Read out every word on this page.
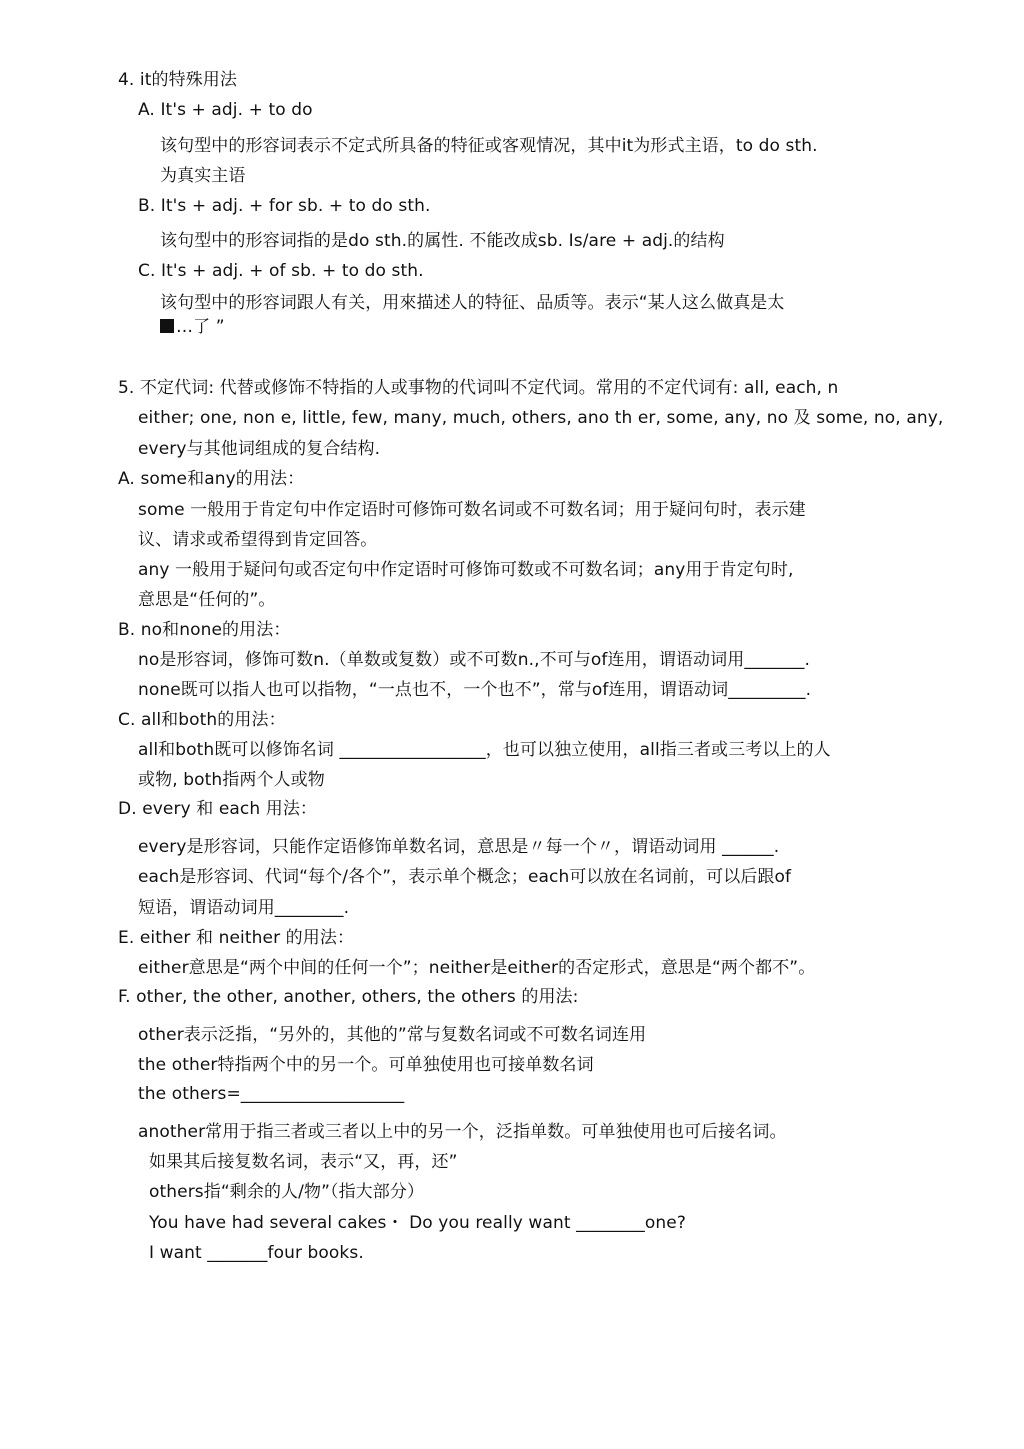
4. it的特殊用法
A. It's + adj. + to do
该句型中的形容词表示不定式所具备的特征或客观情况，其中it为形式主语，to do sth.
为真实主语
B. It's + adj. + for sb. + to do sth.
该句型中的形容词指的是do sth.的属性. 不能改成sb. Is/are + adj.的结构
C. It's + adj. + of sb. + to do sth.
该句型中的形容词跟人有关，用來描述人的特征、品质等。表示“某人这么做真是太
…了 ”
5. 不定代词: 代替或修饰不特指的人或事物的代词叫不定代词。常用的不定代词有: all, each, n
either; one, non e, little, few, many, much, others, ano th er, some, any, no 及 some, no, any,
every与其他词组成的复合结构.
A. some和any的用法：
some 一般用于肯定句中作定语时可修饰可数名词或不可数名词；用于疑问句时，表示建
议、请求或希望得到肯定回答。
any 一般用于疑问句或否定句中作定语时可修饰可数或不可数名词；any用于肯定句时,
意思是“任何的”。
B. no和none的用法：
no是形容词，修饰可数n.（单数或复数）或不可数n.,不可与of连用，谓语动词用_______.
none既可以指人也可以指物，“一点也不，一个也不”，常与of连用，谓语动词_________.
C. all和both的用法：
all和both既可以修饰名词 _________________，也可以独立使用，all指三者或三考以上的人
或物, both指两个人或物
D. every 和 each 用法：
every是形容词，只能作定语修饰单数名词，意思是〃每一个〃，谓语动词用 ______.
each是形容词、代词“每个/各个”，表示单个概念；each可以放在名词前，可以后跟of
短语，谓语动词用________.
E. either 和 neither 的用法：
either意思是“两个中间的任何一个”；neither是either的否定形式，意思是“两个都不”。
F. other, the other, another, others, the others 的用法:
other表示泛指，“另外的，其他的”常与复数名词或不可数名词连用
the other特指两个中的另一个。可单独使用也可接单数名词
the others=___________________
another常用于指三者或三者以上中的另一个，泛指单数。可单独使用也可后接名词。
如果其后接复数名词，表示“又，再，还”
others指“剩余的人/物”（指大部分）
You have had several cakes・ Do you really want ________one?
I want _______four books.
